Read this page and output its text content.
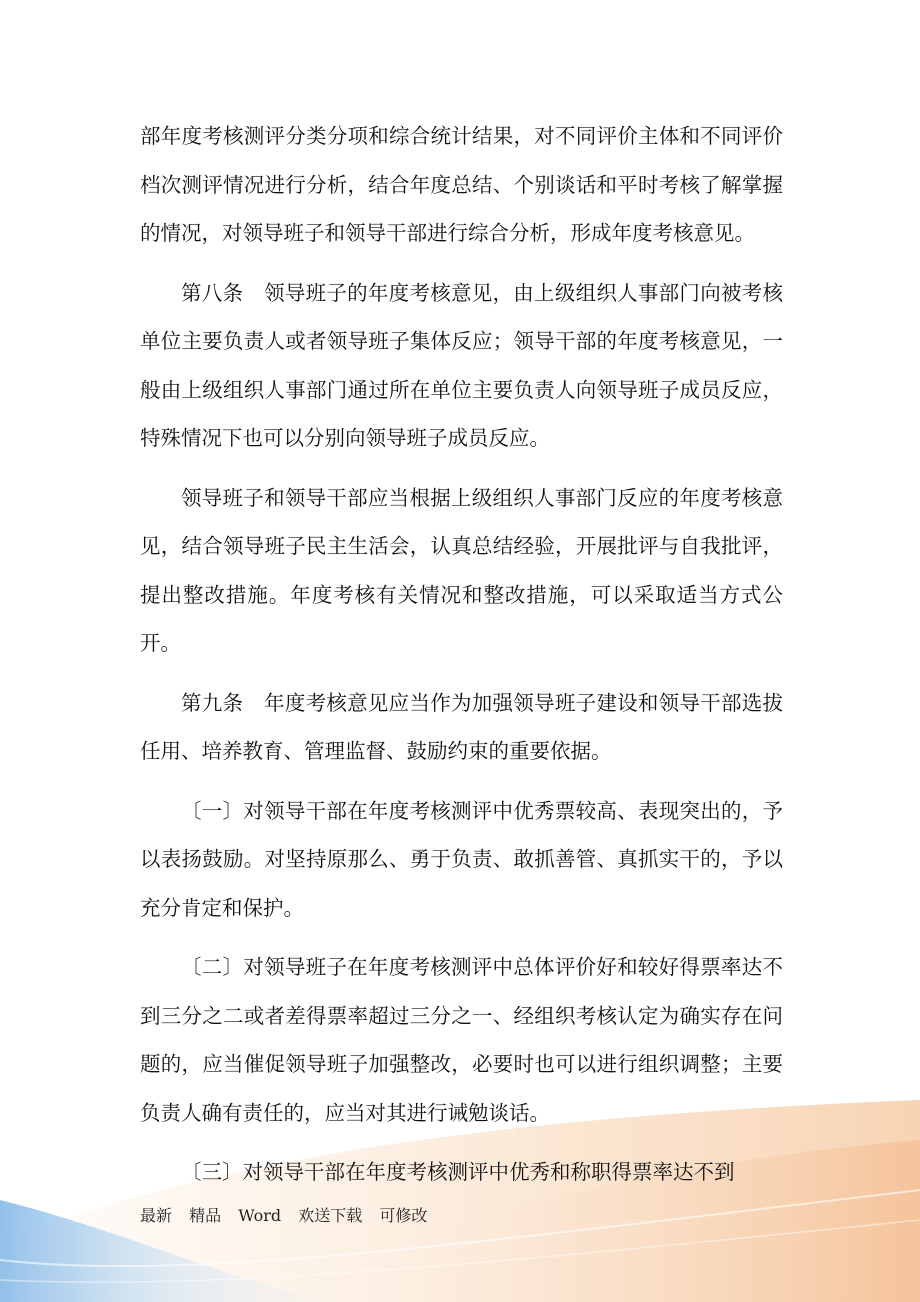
部年度考核测评分类分项和综合统计结果，对不同评价主体和不同评价档次测评情况进行分析，结合年度总结、个别谈话和平时考核了解掌握的情况，对领导班子和领导干部进行综合分析，形成年度考核意见。

第八条　领导班子的年度考核意见，由上级组织人事部门向被考核单位主要负责人或者领导班子集体反应；领导干部的年度考核意见，一般由上级组织人事部门通过所在单位主要负责人向领导班子成员反应，特殊情况下也可以分别向领导班子成员反应。

领导班子和领导干部应当根据上级组织人事部门反应的年度考核意见，结合领导班子民主生活会，认真总结经验，开展批评与自我批评，提出整改措施。年度考核有关情况和整改措施，可以采取适当方式公开。

第九条　年度考核意见应当作为加强领导班子建设和领导干部选拔任用、培养教育、管理监督、鼓励约束的重要依据。

〔一〕对领导干部在年度考核测评中优秀票较高、表现突出的，予以表扬鼓励。对坚持原那么、勇于负责、敢抓善管、真抓实干的，予以充分肯定和保护。

〔二〕对领导班子在年度考核测评中总体评价好和较好得票率达不到三分之二或者差得票率超过三分之一、经组织考核认定为确实存在问题的，应当催促领导班子加强整改，必要时也可以进行组织调整；主要负责人确有责任的，应当对其进行诫勉谈话。

〔三〕对领导干部在年度考核测评中优秀和称职得票率达不到

最新 精品 Word 欢送下载 可修改
